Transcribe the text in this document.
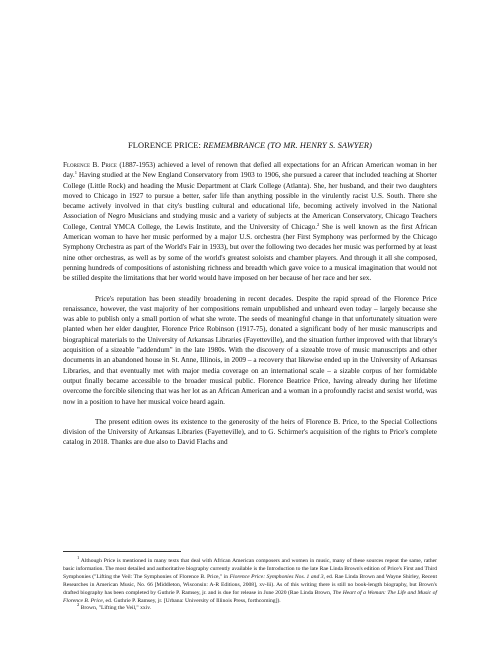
FLORENCE PRICE: REMEMBRANCE (TO MR. HENRY S. SAWYER)

Florence B. Price (1887-1953) achieved a level of renown that defied all expectations for an African American woman in her day.$^1$ Having studied at the New England Conservatory from 1903 to 1906, she pursued a career that included teaching at Shorter College (Little Rock) and heading the Music Department at Clark College (Atlanta). She, her husband, and their two daughters moved to Chicago in 1927 to pursue a better, safer life than anything possible in the virulently racist U.S. South. There she became actively involved in that city's bustling cultural and educational life, becoming actively involved in the National Association of Negro Musicians and studying music and a variety of subjects at the American Conservatory, Chicago Teachers College, Central YMCA College, the Lewis Institute, and the University of Chicago.$^2$ She is well known as the first African American woman to have her music performed by a major U.S. orchestra (her First Symphony was performed by the Chicago Symphony Orchestra as part of the World's Fair in 1933), but over the following two decades her music was performed by at least nine other orchestras, as well as by some of the world's greatest soloists and chamber players. And through it all she composed, penning hundreds of compositions of astonishing richness and breadth which gave voice to a musical imagination that would not be stilled despite the limitations that her world would have imposed on her because of her race and her sex.

Price's reputation has been steadily broadening in recent decades. Despite the rapid spread of the Florence Price renaissance, however, the vast majority of her compositions remain unpublished and unheard even today – largely because she was able to publish only a small portion of what she wrote. The seeds of meaningful change in that unfortunately situation were planted when her elder daughter, Florence Price Robinson (1917-75), donated a significant body of her music manuscripts and biographical materials to the University of Arkansas Libraries (Fayetteville), and the situation further improved with that library's acquisition of a sizeable "addendum" in the late 1980s. With the discovery of a sizeable trove of music manuscripts and other documents in an abandoned house in St. Anne, Illinois, in 2009 – a recovery that likewise ended up in the University of Arkansas Libraries, and that eventually met with major media coverage on an international scale – a sizable corpus of her formidable output finally became accessible to the broader musical public. Florence Beatrice Price, having already during her lifetime overcome the forcible silencing that was her lot as an African American and a woman in a profoundly racist and sexist world, was now in a position to have her musical voice heard again.

The present edition owes its existence to the generosity of the heirs of Florence B. Price, to the Special Collections division of the University of Arkansas Libraries (Fayetteville), and to G. Schirmer's acquisition of the rights to Price's complete catalog in 2018. Thanks are due also to David Flachs and

$^1$ Although Price is mentioned in many texts that deal with African American composers and women in music, many of these sources repeat the same, rather basic information. The most detailed and authoritative biography currently available is the Introduction to the late Rae Linda Brown's edition of Price's First and Third Symphonies ("Lifting the Veil: The Symphonies of Florence B. Price," in Florence Price: Symphonies Nos. 1 and 3, ed. Rae Linda Brown and Wayne Shirley, Recent Researches in American Music, No. 66 [Middleton, Wisconsin: A-R Editions, 2008], xv-lii). As of this writing there is still no book-length biography, but Brown's drafted biography has been completed by Guthrie P. Ramsey, jr. and is due for release in June 2020 (Rae Linda Brown, The Heart of a Woman: The Life and Music of Florence B. Price, ed. Guthrie P. Ramsey, jr. [Urbana: University of Illinois Press, forthcoming]).

$^2$ Brown, "Lifting the Veil," xxiv.
